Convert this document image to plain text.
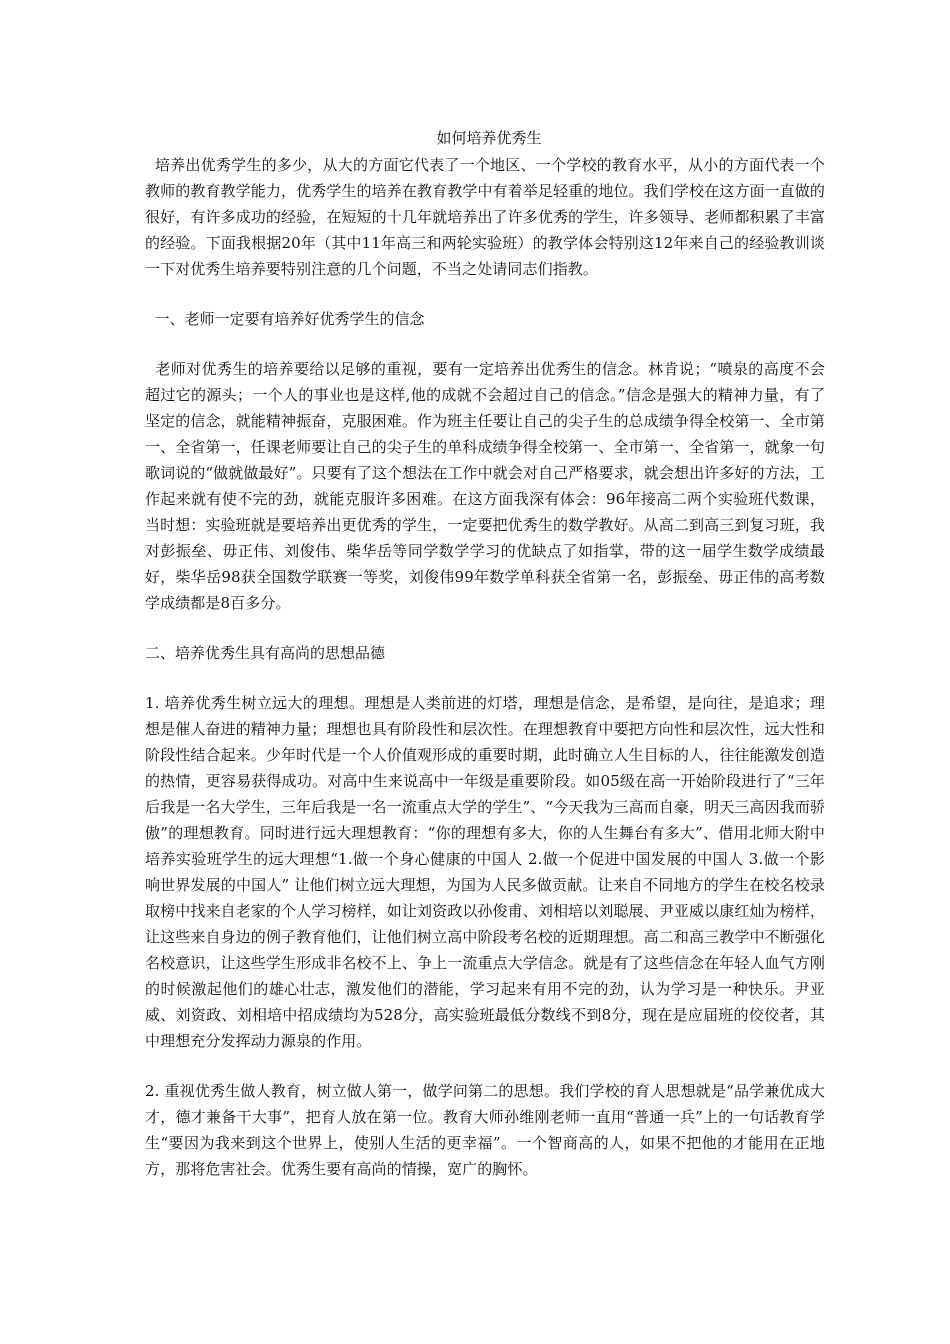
如何培养优秀生

培养出优秀学生的多少，从大的方面它代表了一个地区、一个学校的教育水平，从小的方面代表一个教师的教育教学能力，优秀学生的培养在教育教学中有着举足轻重的地位。我们学校在这方面一直做的很好，有许多成功的经验，在短短的十几年就培养出了许多优秀的学生，许多领导、老师都积累了丰富的经验。下面我根据20年（其中11年高三和两轮实验班）的教学体会特别这12年来自己的经验教训谈一下对优秀生培养要特别注意的几个问题，不当之处请同志们指教。

一、老师一定要有培养好优秀学生的信念

老师对优秀生的培养要给以足够的重视，要有一定培养出优秀生的信念。林肯说；“喷泉的高度不会超过它的源头；一个人的事业也是这样,他的成就不会超过自己的信念。”信念是强大的精神力量，有了坚定的信念，就能精神振奋，克服困难。作为班主任要让自己的尖子生的总成绩争得全校第一、全市第一、全省第一，任课老师要让自己的尖子生的单科成绩争得全校第一、全市第一、全省第一，就象一句歌词说的“做就做最好”。只要有了这个想法在工作中就会对自己严格要求，就会想出许多好的方法，工作起来就有使不完的劲，就能克服许多困难。在这方面我深有体会：96年接高二两个实验班代数课，当时想：实验班就是要培养出更优秀的学生，一定要把优秀生的数学教好。从高二到高三到复习班，我对彭振垒、毋正伟、刘俊伟、柴华岳等同学数学学习的优缺点了如指掌，带的这一届学生数学成绩最好，柴华岳98获全国数学联赛一等奖，刘俊伟99年数学单科获全省第一名，彭振垒、毋正伟的高考数学成绩都是8百多分。

二、培养优秀生具有高尚的思想品德

1. 培养优秀生树立远大的理想。理想是人类前进的灯塔，理想是信念，是希望，是向往，是追求；理想是催人奋进的精神力量；理想也具有阶段性和层次性。在理想教育中要把方向性和层次性，远大性和阶段性结合起来。少年时代是一个人价值观形成的重要时期，此时确立人生目标的人，往往能激发创造的热情，更容易获得成功。对高中生来说高中一年级是重要阶段。如05级在高一开始阶段进行了“三年后我是一名大学生，三年后我是一名一流重点大学的学生”、“今天我为三高而自豪，明天三高因我而骄傲”的理想教育。同时进行远大理想教育：“你的理想有多大，你的人生舞台有多大”、借用北师大附中培养实验班学生的远大理想“1.做一个身心健康的中国人 2.做一个促进中国发展的中国人 3.做一个影响世界发展的中国人” 让他们树立远大理想，为国为人民多做贡献。让来自不同地方的学生在校名校录取榜中找来自老家的个人学习榜样，如让刘资政以孙俊甫、刘相培以刘聪展、尹亚威以康红灿为榜样，让这些来自身边的例子教育他们，让他们树立高中阶段考名校的近期理想。高二和高三教学中不断强化名校意识，让这些学生形成非名校不上、争上一流重点大学信念。就是有了这些信念在年轻人血气方刚的时候激起他们的雄心壮志，激发他们的潜能，学习起来有用不完的劲，认为学习是一种快乐。尹亚威、刘资政、刘相培中招成绩均为528分，高实验班最低分数线不到8分，现在是应届班的佼佼者，其中理想充分发挥动力源泉的作用。

2. 重视优秀生做人教育，树立做人第一，做学问第二的思想。我们学校的育人思想就是“品学兼优成大才，德才兼备干大事”，把育人放在第一位。教育大师孙维刚老师一直用“普通一兵”上的一句话教育学生“要因为我来到这个世界上，使别人生活的更幸福”。一个智商高的人，如果不把他的才能用在正地方，那将危害社会。优秀生要有高尚的情操，宽广的胸怀。
